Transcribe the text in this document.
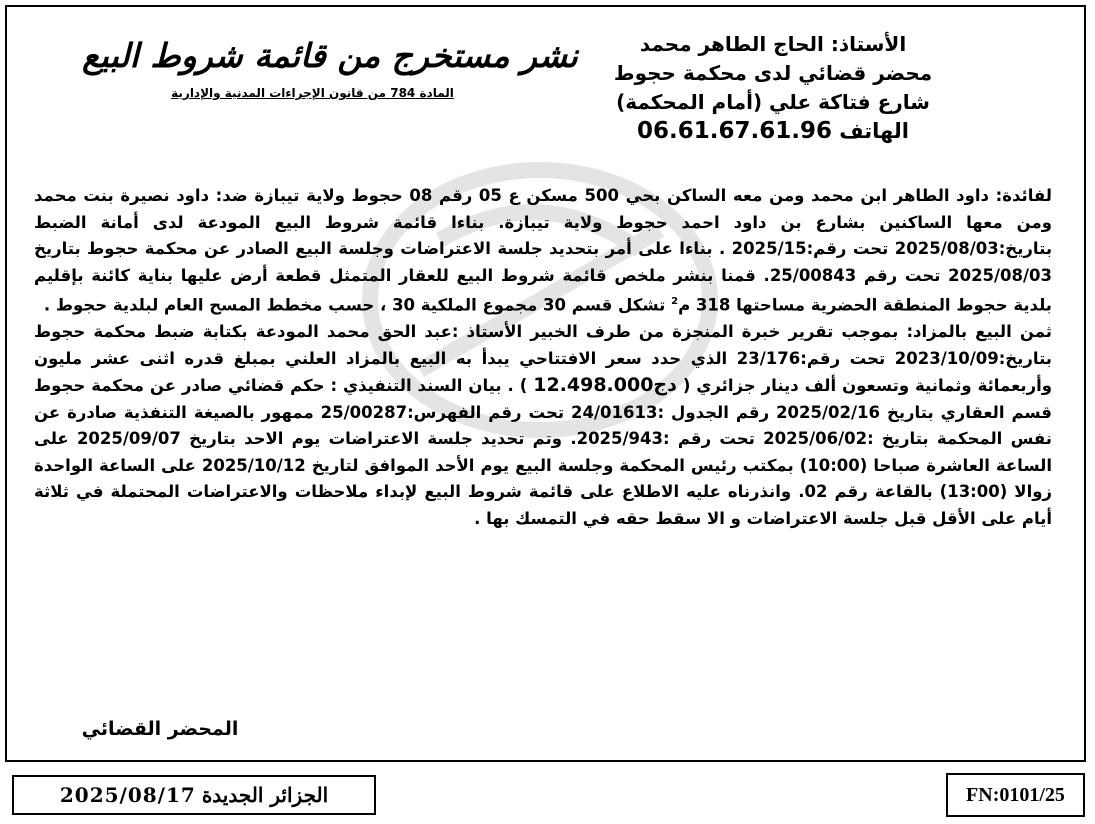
الأستاذ: الحاج الطاهر محمد
محضر قضائي لدى محكمة حجوط
شارع فتاكة علي (أمام المحكمة)
الهاتف 06.61.67.61.96
نشر مستخرج من قائمة شروط البيع
المادة 784 من قانون الإجراءات المدنية والإدارية
لفائدة: داود الطاهر ابن محمد ومن معه الساكن بحي 500 مسكن ع 05 رقم 08 حجوط ولاية تيبازة ضد: داود نصيرة بنت محمد ومن معها الساكنين بشارع بن داود احمد حجوط ولاية تيبازة. بناءا قائمة شروط البيع المودعة لدى أمانة الضبط بتاريخ:2025/08/03 تحت رقم:2025/15 . بناءا على أمر بتحديد جلسة الاعتراضات وجلسة البيع الصادر عن محكمة حجوط بتاريخ 2025/08/03 تحت رقم 25/00843. قمنا بنشر ملخص قائمة شروط البيع للعقار المتمثل قطعة أرض عليها بناية كائنة بإقليم بلدية حجوط المنطقة الحضرية مساحتها 318 م$^2$ تشكل قسم 30 مجموع الملكية 30 ، حسب مخطط المسح العام لبلدية حجوط .
ثمن البيع بالمزاد: بموجب تقرير خبرة المنجزة من طرف الخبير الأستاذ :عبد الحق محمد المودعة بكتابة ضبط محكمة حجوط بتاريخ:2023/10/09 تحت رقم:23/176 الذي حدد سعر الافتتاحي يبدأ به البيع بالمزاد العلني بمبلغ قدره اثنى عشر مليون وأربعمائة وثمانية وتسعون ألف دينار جزائري ( 12.498.000دج ) . بيان السند التنفيذي : حكم قضائي صادر عن محكمة حجوط قسم العقاري بتاريخ 2025/02/16 رقم الجدول :24/01613 تحت رقم الفهرس:25/00287 ممهور بالصيغة التنفذية صادرة عن نفس المحكمة بتاريخ :2025/06/02 تحت رقم :2025/943. وتم تحديد جلسة الاعتراضات يوم الاحد بتاريخ 2025/09/07 على الساعة العاشرة صباحا (10:00) بمكتب رئيس المحكمة وجلسة البيع يوم الأحد الموافق لتاريخ 2025/10/12 على الساعة الواحدة زوالا (13:00) بالقاعة رقم 02. وانذرناه عليه الاطلاع على قائمة شروط البيع لإبداء ملاحظات والاعتراضات المحتملة في ثلاثة أيام على الأقل قبل جلسة الاعتراضات و الا سقط حقه في التمسك بها .
المحضر القضائي
الجزائر الجديدة
2025/08/17	FN:0101/25
